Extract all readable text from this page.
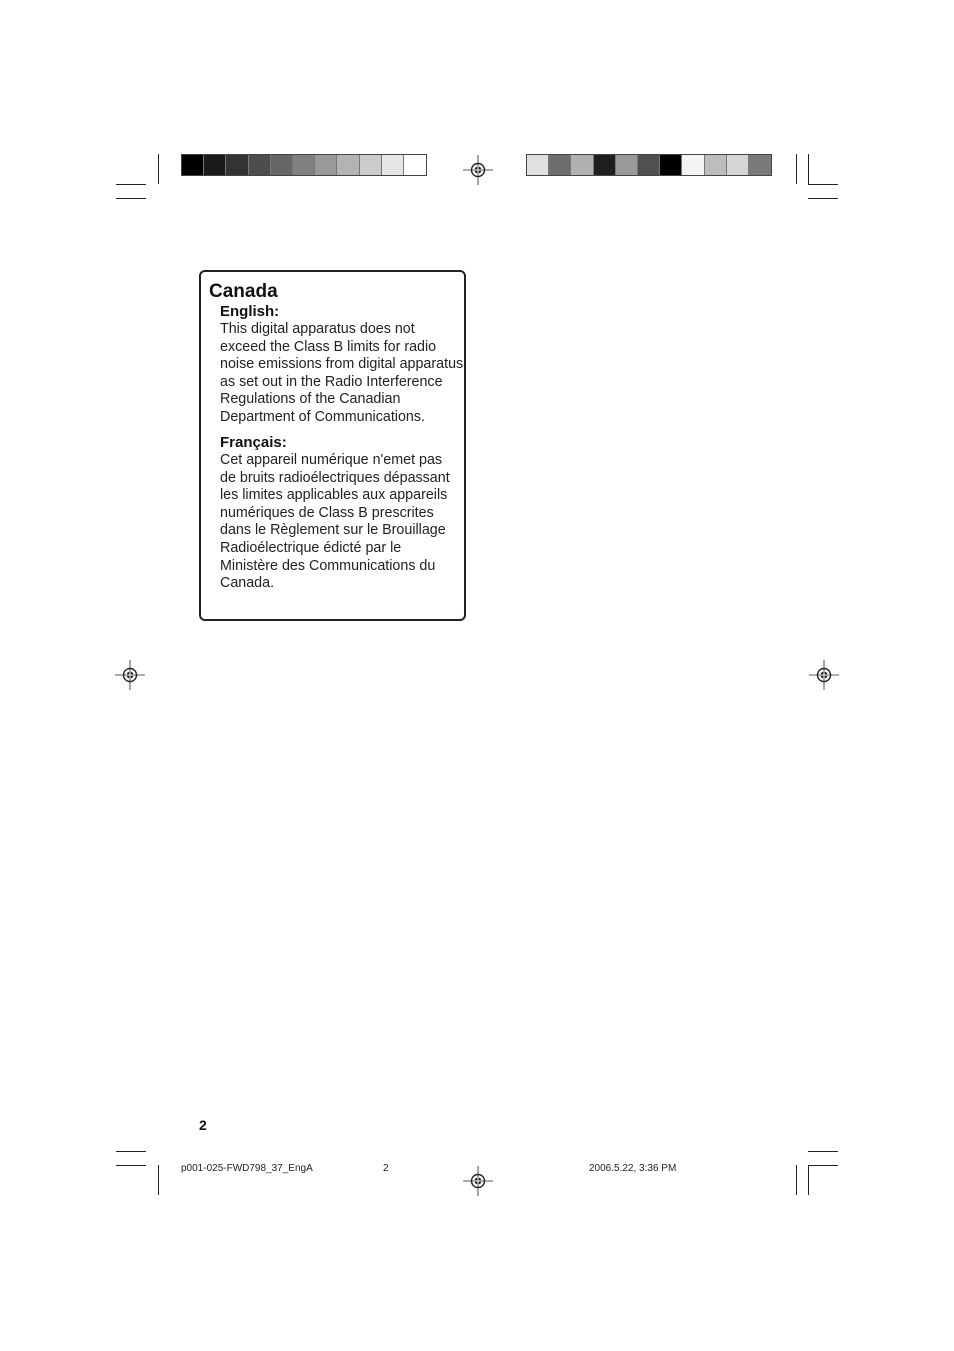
Canada
English:
This digital apparatus does not
exceed the Class B limits for radio
noise emissions from digital apparatus
as set out in the Radio Interference
Regulations of the Canadian
Department of Communications.
Français:
Cet appareil numérique n'emet pas
de bruits radioélectriques dépassant
les limites applicables aux appareils
numériques de Class B prescrites
dans le Règlement sur le Brouillage
Radioélectrique édicté par le
Ministère des Communications du
Canada.
2
p001-025-FWD798_37_EngA	2	2006.5.22, 3:36 PM
